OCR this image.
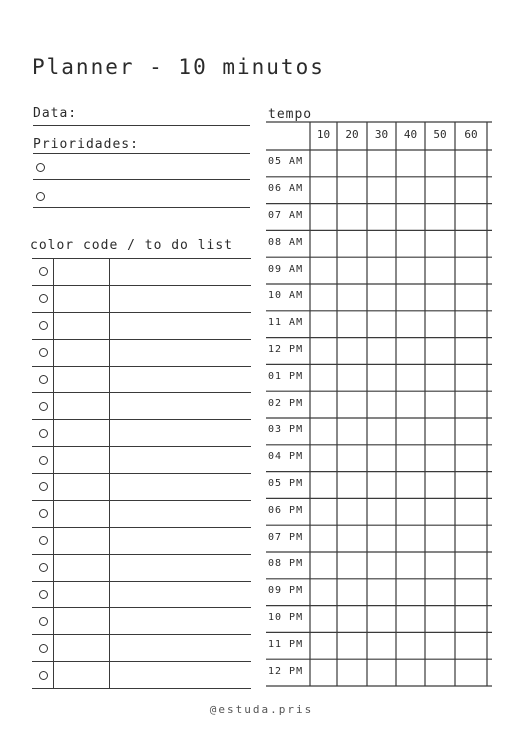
Planner - 10 minutos
Data:
Prioridades:
color code / to do list
tempo
10	20	30	40	50	60
05 AM
06 AM
07 AM
08 AM
09 AM
10 AM
11 AM
12 PM
01 PM
02 PM
03 PM
04 PM
05 PM
06 PM
07 PM
08 PM
09 PM
10 PM
11 PM
12 PM
@estuda.pris
